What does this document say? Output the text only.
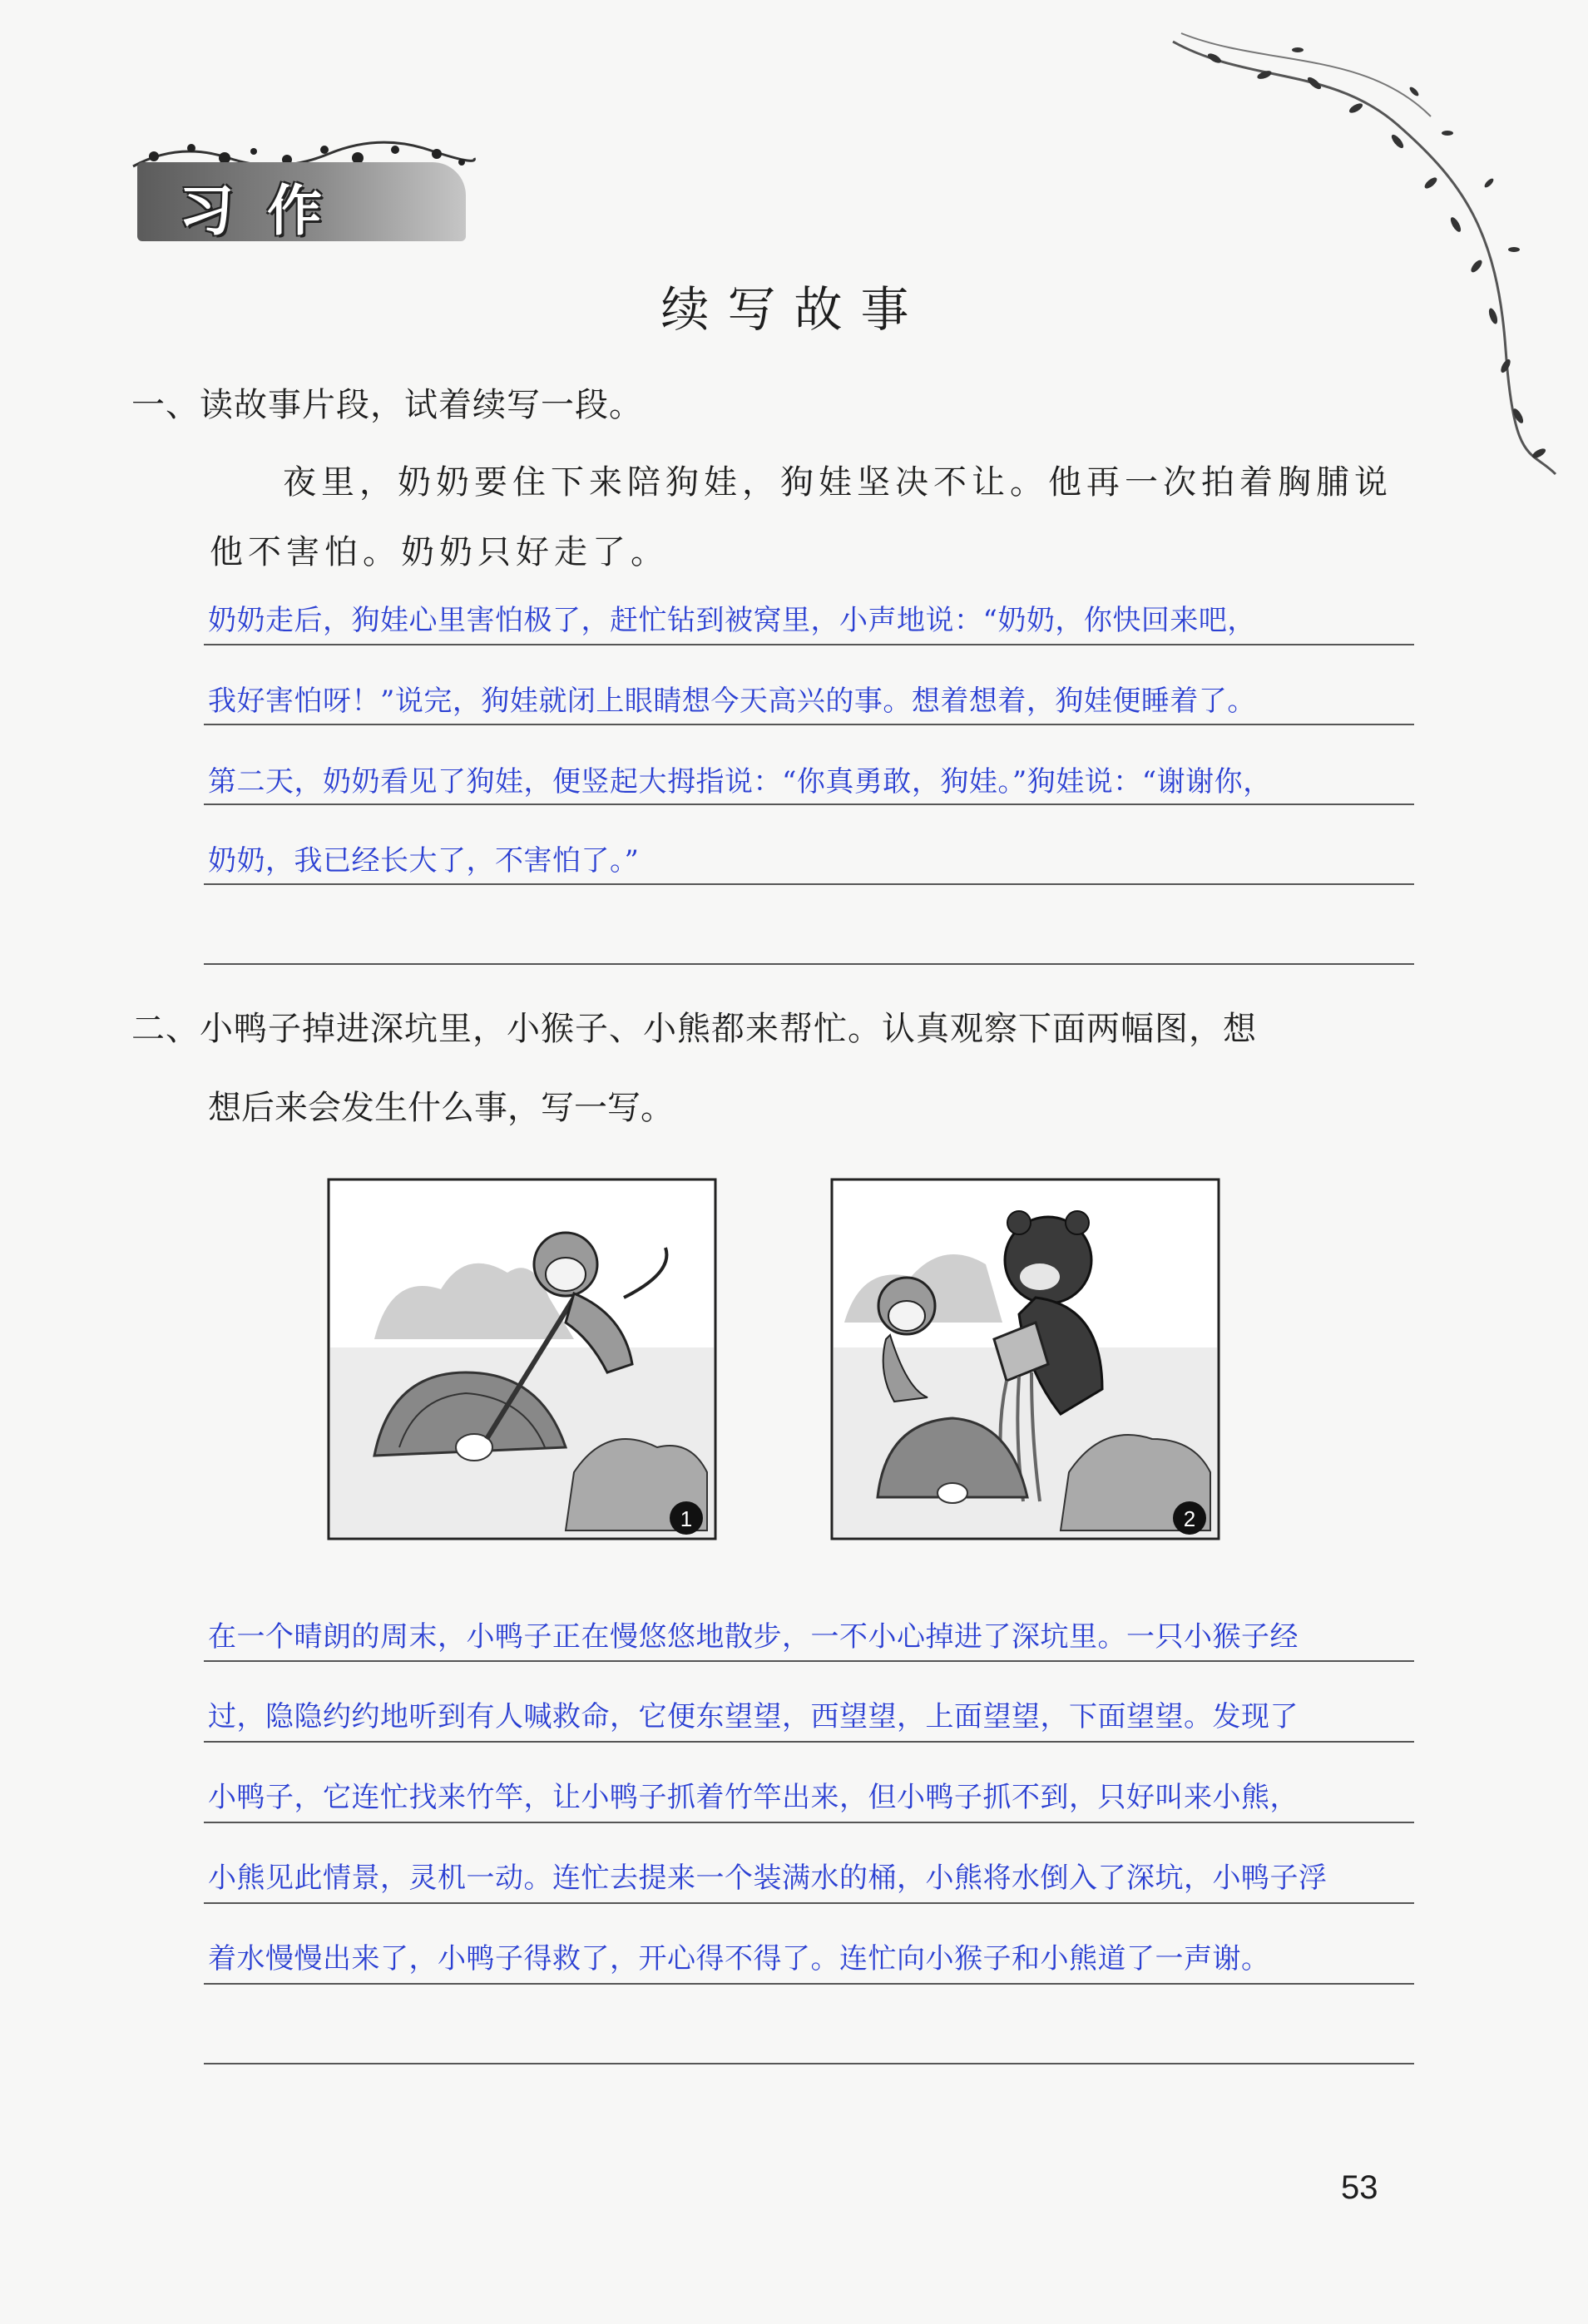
习作
续写故事
一、读故事片段，试着续写一段。
夜里，奶奶要住下来陪狗娃，狗娃坚决不让。他再一次拍着胸脯说
他不害怕。奶奶只好走了。
奶奶走后，狗娃心里害怕极了，赶忙钻到被窝里，小声地说：“奶奶，你快回来吧，
我好害怕呀！”说完，狗娃就闭上眼睛想今天高兴的事。想着想着，狗娃便睡着了。
第二天，奶奶看见了狗娃，便竖起大拇指说：“你真勇敢，狗娃。”狗娃说：“谢谢你，
奶奶，我已经长大了，不害怕了。”
二、小鸭子掉进深坑里，小猴子、小熊都来帮忙。认真观察下面两幅图，想
想后来会发生什么事，写一写。
1	2
在一个晴朗的周末，小鸭子正在慢悠悠地散步，一不小心掉进了深坑里。一只小猴子经
过，隐隐约约地听到有人喊救命，它便东望望，西望望，上面望望，下面望望。发现了
小鸭子，它连忙找来竹竿，让小鸭子抓着竹竿出来，但小鸭子抓不到，只好叫来小熊，
小熊见此情景，灵机一动。连忙去提来一个装满水的桶，小熊将水倒入了深坑，小鸭子浮
着水慢慢出来了，小鸭子得救了，开心得不得了。连忙向小猴子和小熊道了一声谢。
53
